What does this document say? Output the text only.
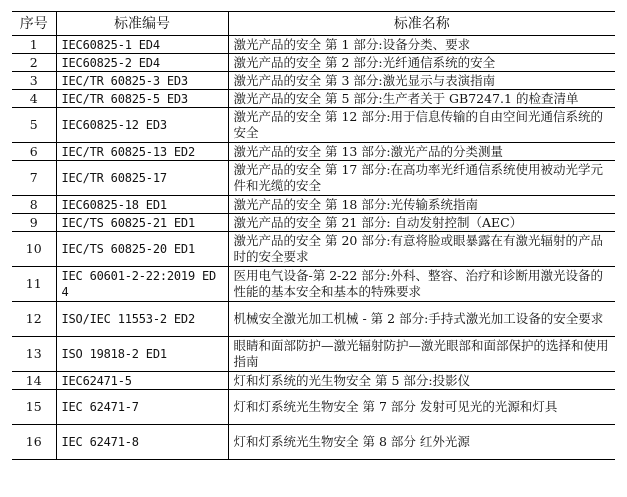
序号	标准编号	标准名称
1	IEC60825-1 ED4	激光产品的安全 第 1 部分:设备分类、要求
2	IEC60825-2 ED4	激光产品的安全 第 2 部分:光纤通信系统的安全
3	IEC/TR 60825-3 ED3	激光产品的安全 第 3 部分:激光显示与表演指南
4	IEC/TR 60825-5 ED3	激光产品的安全 第 5 部分:生产者关于 GB7247.1 的检查清单
5	IEC60825-12 ED3	激光产品的安全 第 12 部分:用于信息传输的自由空间光通信系统的安全
6	IEC/TR 60825-13 ED2	激光产品的安全 第 13 部分:激光产品的分类测量
7	IEC/TR 60825-17	激光产品的安全 第 17 部分:在高功率光纤通信系统使用被动光学元件和光缆的安全
8	IEC60825-18 ED1	激光产品的安全 第 18 部分:光传输系统指南
9	IEC/TS 60825-21 ED1	激光产品的安全 第 21 部分: 自动发射控制（AEC）
10	IEC/TS 60825-20 ED1	激光产品的安全 第 20 部分:有意将脸或眼暴露在有激光辐射的产品时的安全要求
11	IEC 60601-2-22:2019 ED4	医用电气设备-第 2-22 部分:外科、整容、治疗和诊断用激光设备的性能的基本安全和基本的特殊要求
12	ISO/IEC 11553-2 ED2	机械安全激光加工机械 - 第 2 部分:手持式激光加工设备的安全要求
13	ISO 19818-2 ED1	眼睛和面部防护—激光辐射防护—激光眼部和面部保护的选择和使用指南
14	IEC62471-5	灯和灯系统的光生物安全 第 5 部分:投影仪
15	IEC 62471-7	灯和灯系统光生物安全 第 7 部分 发射可见光的光源和灯具
16	IEC 62471-8	灯和灯系统光生物安全 第 8 部分 红外光源
